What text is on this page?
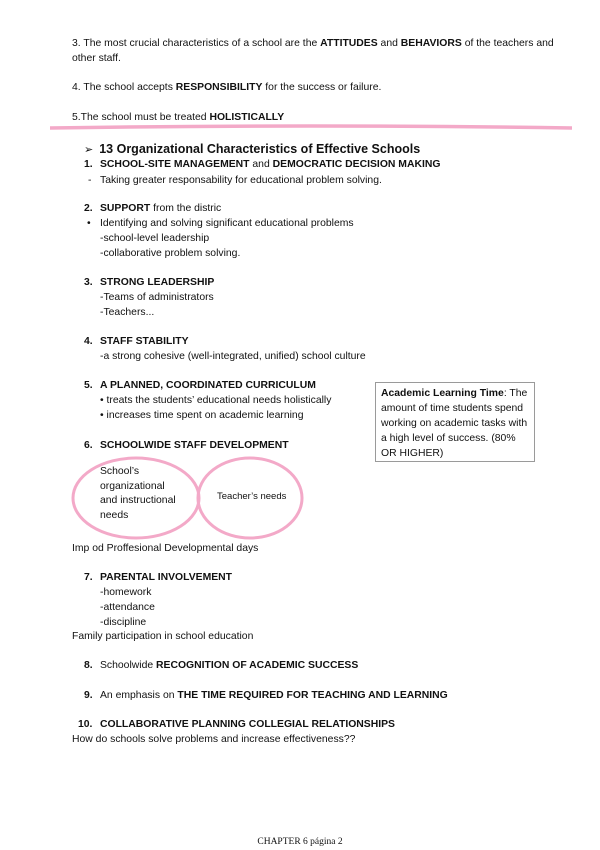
3. The most crucial characteristics of a school are the ATTITUDES and BEHAVIORS of the teachers and
other staff.
4. The school accepts RESPONSIBILITY for the success or failure.
5.The school must be treated HOLISTICALLY
➢ 13 Organizational Characteristics of Effective Schools
1. SCHOOL-SITE MANAGEMENT and DEMOCRATIC DECISION MAKING
- Taking greater responsability for educational problem solving.
2. SUPPORT from the distric
• Identifying and solving significant educational problems
-school-level leadership
-collaborative problem solving.
3. STRONG LEADERSHIP
-Teams of administrators
-Teachers...
4. STAFF STABILITY
-a strong cohesive (well-integrated, unified) school culture
5. A PLANNED, COORDINATED CURRICULUM
• treats the students’ educational needs holistically
• increases time spent on academic learning
Academic Learning Time: The amount of time students spend working on academic tasks with a high level of success. (80% OR HIGHER)
6. SCHOOLWIDE STAFF DEVELOPMENT
School’s
organizational
and instructional
needs
Teacher’s needs
Imp od Proffesional Developmental days
7. PARENTAL INVOLVEMENT
-homework
-attendance
-discipline
Family participation in school education
8. Schoolwide RECOGNITION OF ACADEMIC SUCCESS
9. An emphasis on THE TIME REQUIRED FOR TEACHING AND LEARNING
10. COLLABORATIVE PLANNING COLLEGIAL RELATIONSHIPS
How do schools solve problems and increase effectiveness??
CHAPTER 6 página 2
